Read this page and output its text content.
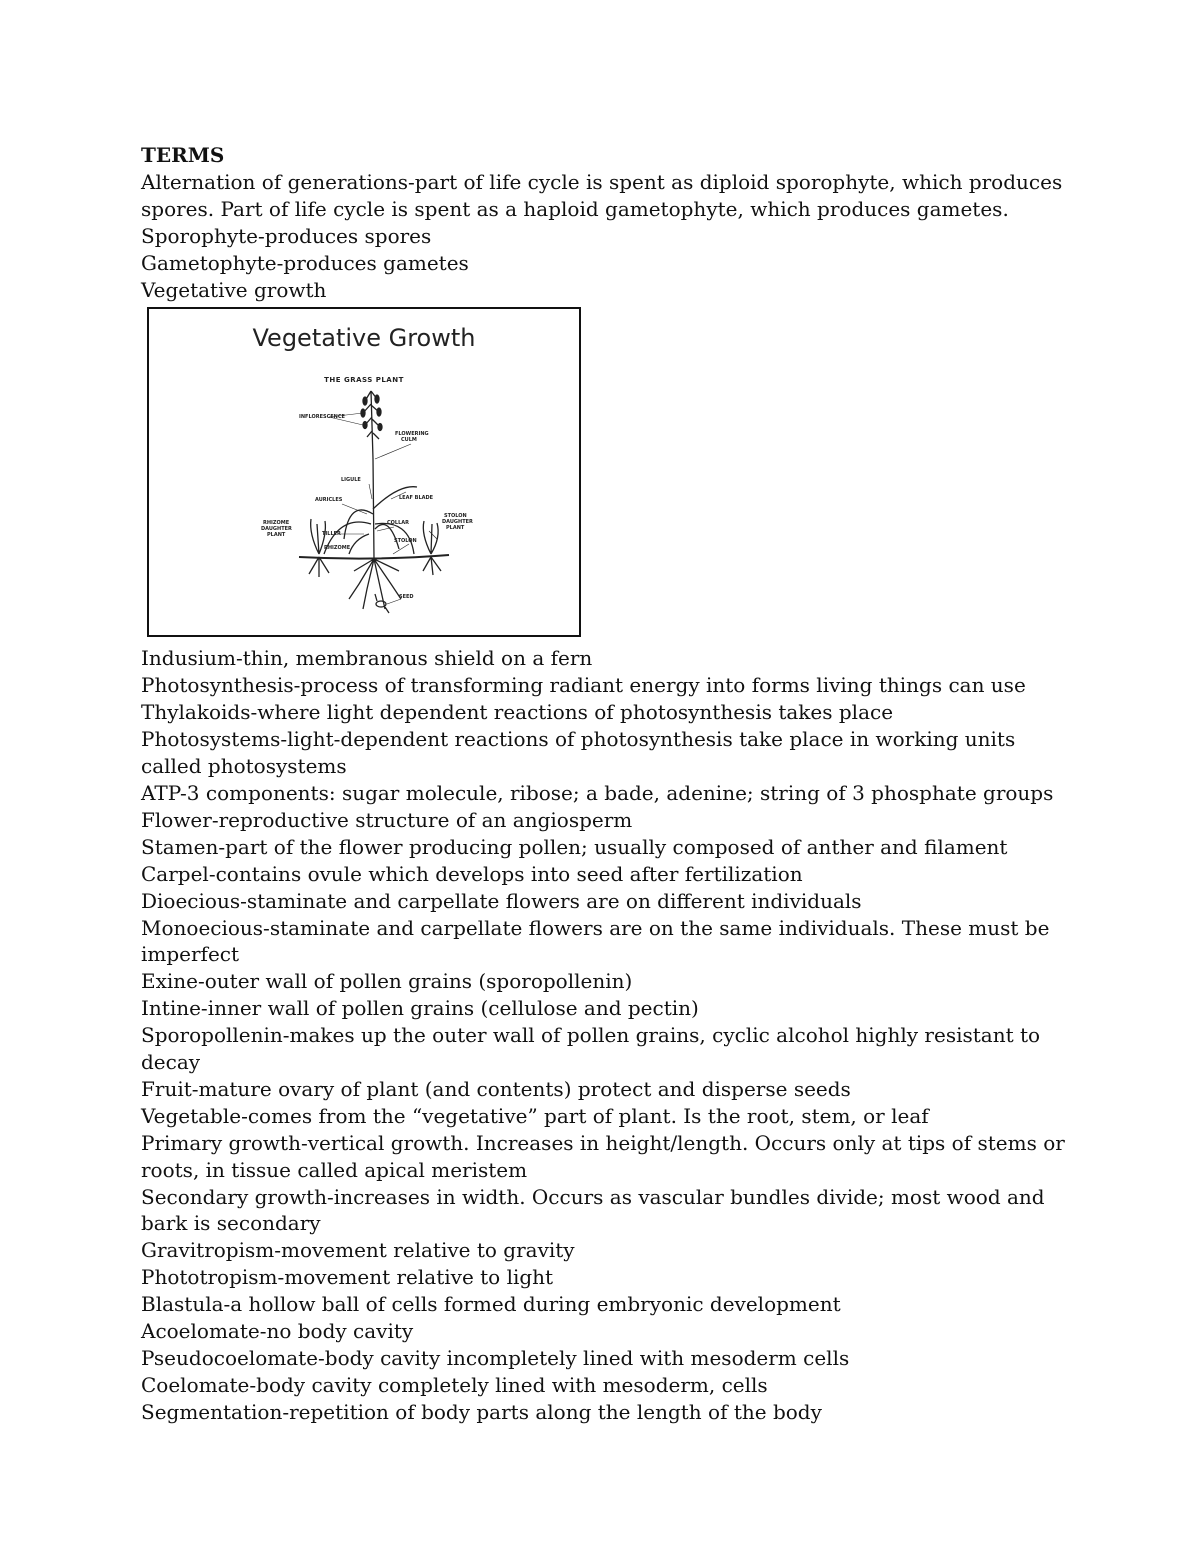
TERMS
Alternation of generations-part of life cycle is spent as diploid sporophyte, which produces spores. Part of life cycle is spent as a haploid gametophyte, which produces gametes.
Sporophyte-produces spores
Gametophyte-produces gametes
Vegetative growth
Vegetative Growth
THE GRASS PLANT
INFLORESCENCE
FLOWERING
CULM
LIGULE
AURICLES	LEAF BLADE
RHIZOME
DAUGHTER
PLANT
COLLAR
STOLON
DAUGHTER
PLANT
TILLER
RHIZOME
STOLON
SEED
Indusium-thin, membranous shield on a fern
Photosynthesis-process of transforming radiant energy into forms living things can use
Thylakoids-where light dependent reactions of photosynthesis takes place
Photosystems-light-dependent reactions of photosynthesis take place in working units called photosystems
ATP-3 components: sugar molecule, ribose; a bade, adenine; string of 3 phosphate groups
Flower-reproductive structure of an angiosperm
Stamen-part of the flower producing pollen; usually composed of anther and filament
Carpel-contains ovule which develops into seed after fertilization
Dioecious-staminate and carpellate flowers are on different individuals
Monoecious-staminate and carpellate flowers are on the same individuals. These must be imperfect
Exine-outer wall of pollen grains (sporopollenin)
Intine-inner wall of pollen grains (cellulose and pectin)
Sporopollenin-makes up the outer wall of pollen grains, cyclic alcohol highly resistant to decay
Fruit-mature ovary of plant (and contents) protect and disperse seeds
Vegetable-comes from the “vegetative” part of plant. Is the root, stem, or leaf
Primary growth-vertical growth. Increases in height/length. Occurs only at tips of stems or roots, in tissue called apical meristem
Secondary growth-increases in width. Occurs as vascular bundles divide; most wood and bark is secondary
Gravitropism-movement relative to gravity
Phototropism-movement relative to light
Blastula-a hollow ball of cells formed during embryonic development
Acoelomate-no body cavity
Pseudocoelomate-body cavity incompletely lined with mesoderm cells
Coelomate-body cavity completely lined with mesoderm, cells
Segmentation-repetition of body parts along the length of the body
